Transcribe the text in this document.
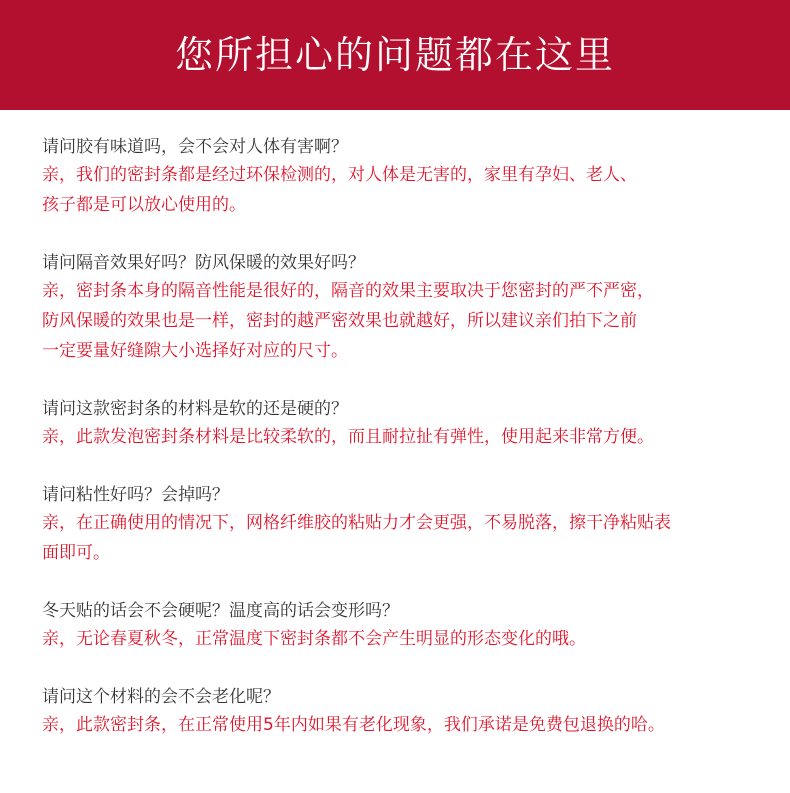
您所担心的问题都在这里
请问胶有味道吗，会不会对人体有害啊？
亲，我们的密封条都是经过环保检测的，对人体是无害的，家里有孕妇、老人、
孩子都是可以放心使用的。
请问隔音效果好吗？防风保暖的效果好吗？
亲，密封条本身的隔音性能是很好的，隔音的效果主要取决于您密封的严不严密，
防风保暖的效果也是一样，密封的越严密效果也就越好，所以建议亲们拍下之前
一定要量好缝隙大小选择好对应的尺寸。
请问这款密封条的材料是软的还是硬的？
亲，此款发泡密封条材料是比较柔软的，而且耐拉扯有弹性，使用起来非常方便。
请问粘性好吗？会掉吗？
亲，在正确使用的情况下，网格纤维胶的粘贴力才会更强，不易脱落，擦干净粘贴表
面即可。
冬天贴的话会不会硬呢？温度高的话会变形吗？
亲，无论春夏秋冬，正常温度下密封条都不会产生明显的形态变化的哦。
请问这个材料的会不会老化呢？
亲，此款密封条，在正常使用5年内如果有老化现象，我们承诺是免费包退换的哈。
